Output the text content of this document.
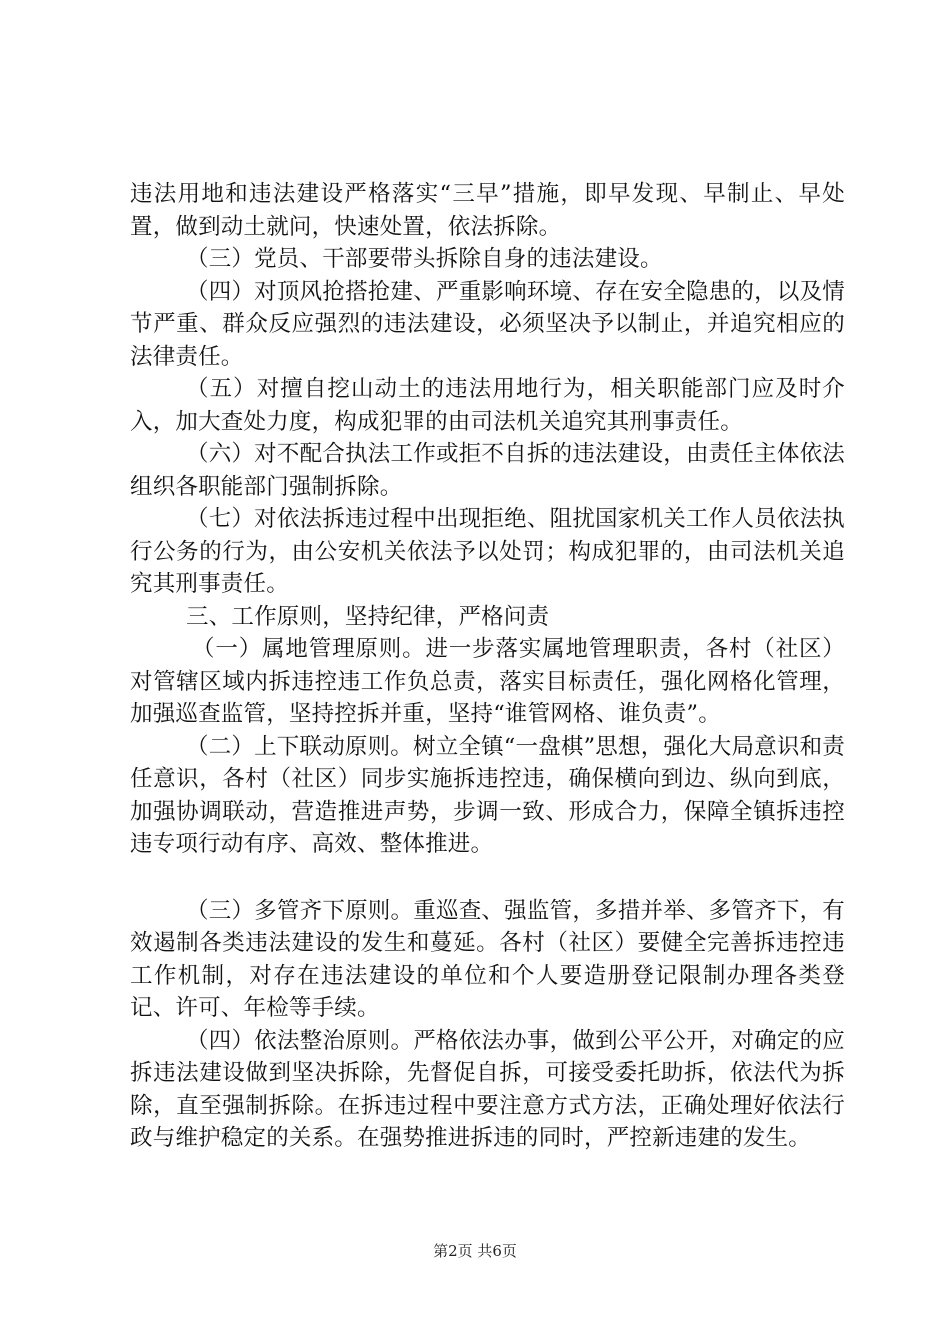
违法用地和违法建设严格落实“三早”措施，即早发现、早制止、早处置，做到动土就问，快速处置，依法拆除。

（三）党员、干部要带头拆除自身的违法建设。

（四）对顶风抢搭抢建、严重影响环境、存在安全隐患的，以及情节严重、群众反应强烈的违法建设，必须坚决予以制止，并追究相应的法律责任。

（五）对擅自挖山动土的违法用地行为，相关职能部门应及时介入，加大查处力度，构成犯罪的由司法机关追究其刑事责任。

（六）对不配合执法工作或拒不自拆的违法建设，由责任主体依法组织各职能部门强制拆除。

（七）对依法拆违过程中出现拒绝、阻扰国家机关工作人员依法执行公务的行为，由公安机关依法予以处罚；构成犯罪的，由司法机关追究其刑事责任。

三、工作原则，坚持纪律，严格问责

（一）属地管理原则。进一步落实属地管理职责，各村（社区）对管辖区域内拆违控违工作负总责，落实目标责任，强化网格化管理，加强巡查监管，坚持控拆并重，坚持“谁管网格、谁负责”。

（二）上下联动原则。树立全镇“一盘棋”思想，强化大局意识和责任意识，各村（社区）同步实施拆违控违，确保横向到边、纵向到底，加强协调联动，营造推进声势，步调一致、形成合力，保障全镇拆违控违专项行动有序、高效、整体推进。

（三）多管齐下原则。重巡查、强监管，多措并举、多管齐下，有效遏制各类违法建设的发生和蔓延。各村（社区）要健全完善拆违控违工作机制，对存在违法建设的单位和个人要造册登记限制办理各类登记、许可、年检等手续。

（四）依法整治原则。严格依法办事，做到公平公开，对确定的应拆违法建设做到坚决拆除，先督促自拆，可接受委托助拆，依法代为拆除，直至强制拆除。在拆违过程中要注意方式方法，正确处理好依法行政与维护稳定的关系。在强势推进拆违的同时，严控新违建的发生。

第2页 共6页
